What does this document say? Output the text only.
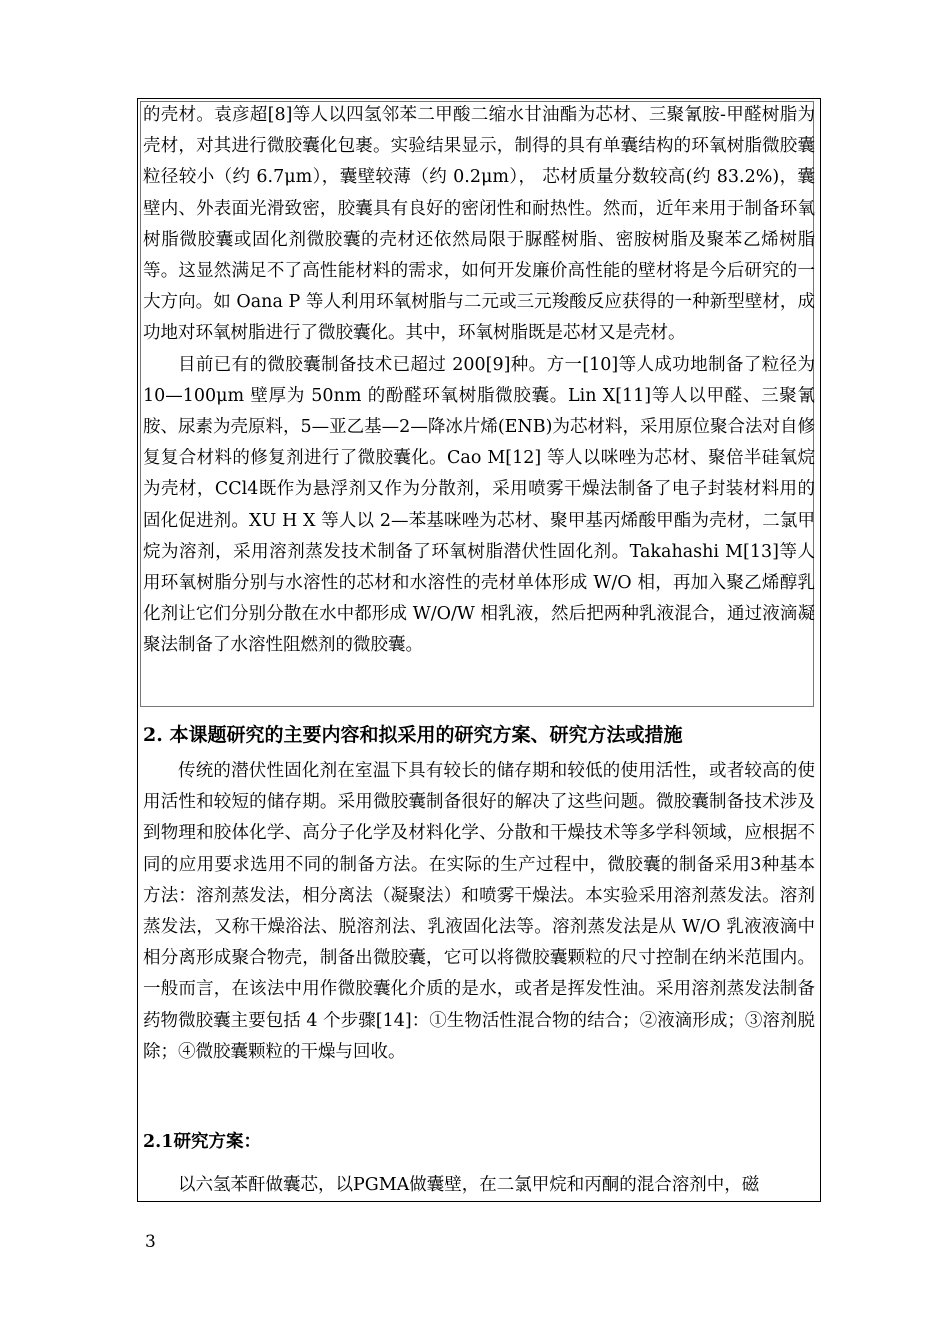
的壳材。袁彦超[8]等人以四氢邻苯二甲酸二缩水甘油酯为芯材、三聚氰胺-甲醛树脂为壳材，对其进行微胶囊化包裹。实验结果显示，制得的具有单囊结构的环氧树脂微胶囊粒径较小（约 6.7μm），囊壁较薄（约 0.2μm）， 芯材质量分数较高(约 83.2%)，囊壁内、外表面光滑致密，胶囊具有良好的密闭性和耐热性。然而，近年来用于制备环氧树脂微胶囊或固化剂微胶囊的壳材还依然局限于脲醛树脂、密胺树脂及聚苯乙烯树脂等。这显然满足不了高性能材料的需求，如何开发廉价高性能的壁材将是今后研究的一大方向。如 Oana P 等人利用环氧树脂与二元或三元羧酸反应获得的一种新型壁材，成功地对环氧树脂进行了微胶囊化。其中，环氧树脂既是芯材又是壳材。

目前已有的微胶囊制备技术已超过 200[9]种。方一[10]等人成功地制备了粒径为 10—100μm 壁厚为 50nm 的酚醛环氧树脂微胶囊。Lin X[11]等人以甲醛、三聚氰胺、尿素为壳原料，5—亚乙基—2—降冰片烯(ENB)为芯材料，采用原位聚合法对自修复复合材料的修复剂进行了微胶囊化。Cao M[12] 等人以咪唑为芯材、聚倍半硅氧烷为壳材，CCl4既作为悬浮剂又作为分散剂，采用喷雾干燥法制备了电子封装材料用的固化促进剂。XU H X 等人以 2—苯基咪唑为芯材、聚甲基丙烯酸甲酯为壳材，二氯甲烷为溶剂，采用溶剂蒸发技术制备了环氧树脂潜伏性固化剂。Takahashi M[13]等人用环氧树脂分别与水溶性的芯材和水溶性的壳材单体形成 W/O 相，再加入聚乙烯醇乳化剂让它们分别分散在水中都形成 W/O/W 相乳液，然后把两种乳液混合，通过液滴凝聚法制备了水溶性阻燃剂的微胶囊。

2. 本课题研究的主要内容和拟采用的研究方案、研究方法或措施

传统的潜伏性固化剂在室温下具有较长的储存期和较低的使用活性，或者较高的使用活性和较短的储存期。采用微胶囊制备很好的解决了这些问题。微胶囊制备技术涉及到物理和胶体化学、高分子化学及材料化学、分散和干燥技术等多学科领域，应根据不同的应用要求选用不同的制备方法。在实际的生产过程中，微胶囊的制备采用3种基本方法：溶剂蒸发法，相分离法（凝聚法）和喷雾干燥法。本实验采用溶剂蒸发法。溶剂蒸发法，又称干燥浴法、脱溶剂法、乳液固化法等。溶剂蒸发法是从 W/O 乳液液滴中相分离形成聚合物壳，制备出微胶囊，它可以将微胶囊颗粒的尺寸控制在纳米范围内。一般而言，在该法中用作微胶囊化介质的是水，或者是挥发性油。采用溶剂蒸发法制备药物微胶囊主要包括 4 个步骤[14]：①生物活性混合物的结合；②液滴形成；③溶剂脱除；④微胶囊颗粒的干燥与回收。

2.1研究方案：
以六氢苯酐做囊芯，以PGMA做囊壁，在二氯甲烷和丙酮的混合溶剂中，磁
3
